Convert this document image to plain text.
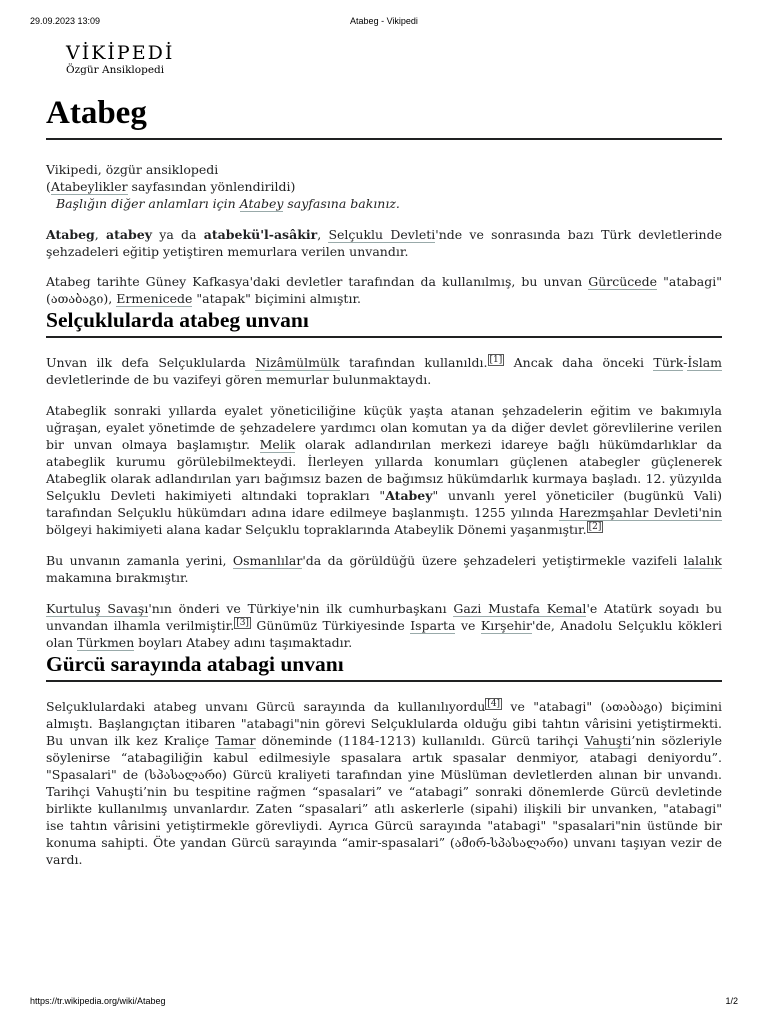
29.09.2023 13:09	Atabeg - Vikipedi
VİKİPEDİ
Özgür Ansiklopedi
Atabeg
Vikipedi, özgür ansiklopedi
(Atabeylikler sayfasından yönlendirildi)
Başlığın diğer anlamları için Atabey sayfasına bakınız.

Atabeg, atabey ya da atabekü'l-asâkir, Selçuklu Devleti'nde ve sonrasında bazı Türk devletlerinde şehzadeleri eğitip yetiştiren memurlara verilen unvandır.

Atabeg tarihte Güney Kafkasya'daki devletler tarafından da kullanılmış, bu unvan Gürcücede "atabagi" (ათაბაგი), Ermenicede "atapak" biçimini almıştır.

Selçuklularda atabeg unvanı

Unvan ilk defa Selçuklularda Nizâmülmülk tarafından kullanıldı. [1] Ancak daha önceki Türk-İslam devletlerinde de bu vazifeyi gören memurlar bulunmaktaydı.

Atabeglik sonraki yıllarda eyalet yöneticiliğine küçük yaşta atanan şehzadelerin eğitim ve bakımıyla uğraşan, eyalet yönetimde de şehzadelere yardımcı olan komutan ya da diğer devlet görevlilerine verilen bir unvan olmaya başlamıştır. Melik olarak adlandırılan merkezi idareye bağlı hükümdarlıklar da atabeglik kurumu görülebilmekteydi. İlerleyen yıllarda konumları güçlenen atabegler güçlenerek Atabeglik olarak adlandırılan yarı bağımsız bazen de bağımsız hükümdarlık kurmaya başladı. 12. yüzyılda Selçuklu Devleti hakimiyeti altındaki toprakları "Atabey" unvanlı yerel yöneticiler (bugünkü Vali) tarafından Selçuklu hükümdarı adına idare edilmeye başlanmıştı. 1255 yılında Harezmşahlar Devleti'nin bölgeyi hakimiyeti alana kadar Selçuklu topraklarında Atabeylik Dönemi yaşanmıştır. [2]

Bu unvanın zamanla yerini, Osmanlılar'da da görüldüğü üzere şehzadeleri yetiştirmekle vazifeli lalalık makamına bırakmıştır.

Kurtuluş Savaşı'nın önderi ve Türkiye'nin ilk cumhurbaşkanı Gazi Mustafa Kemal'e Atatürk soyadı bu unvandan ilhamla verilmiştir. [3] Günümüz Türkiyesinde Isparta ve Kırşehir'de, Anadolu Selçuklu kökleri olan Türkmen boyları Atabey adını taşımaktadır.

Gürcü sarayında atabagi unvanı

Selçuklulardaki atabeg unvanı Gürcü sarayında da kullanılıyordu [4] ve "atabagi" (ათაბაგი) biçimini almıştı. Başlangıçtan itibaren "atabagi"nin görevi Selçuklularda olduğu gibi tahtın vârisini yetiştirmekti. Bu unvan ilk kez Kraliçe Tamar döneminde (1184-1213) kullanıldı. Gürcü tarihçi Vahuşti’nin sözleriyle söylenirse “atabagiliğin kabul edilmesiyle spasalara artık spasalar denmiyor, atabagi deniyordu”. "Spasalari" de (სპასალარი) Gürcü kraliyeti tarafından yine Müslüman devletlerden alınan bir unvandı. Tarihçi Vahuşti’nin bu tespitine rağmen “spasalari” ve “atabagi” sonraki dönemlerde Gürcü devletinde birlikte kullanılmış unvanlardır. Zaten “spasalari” atlı askerlerle (sipahi) ilişkili bir unvanken, "atabagi" ise tahtın vârisini yetiştirmekle görevliydi. Ayrıca Gürcü sarayında "atabagi" "spasalari"nin üstünde bir konuma sahipti. Öte yandan Gürcü sarayında “amir-spasalari” (ამირ-სპასალარი) unvanı taşıyan vezir de vardı.

https://tr.wikipedia.org/wiki/Atabeg	1/2
